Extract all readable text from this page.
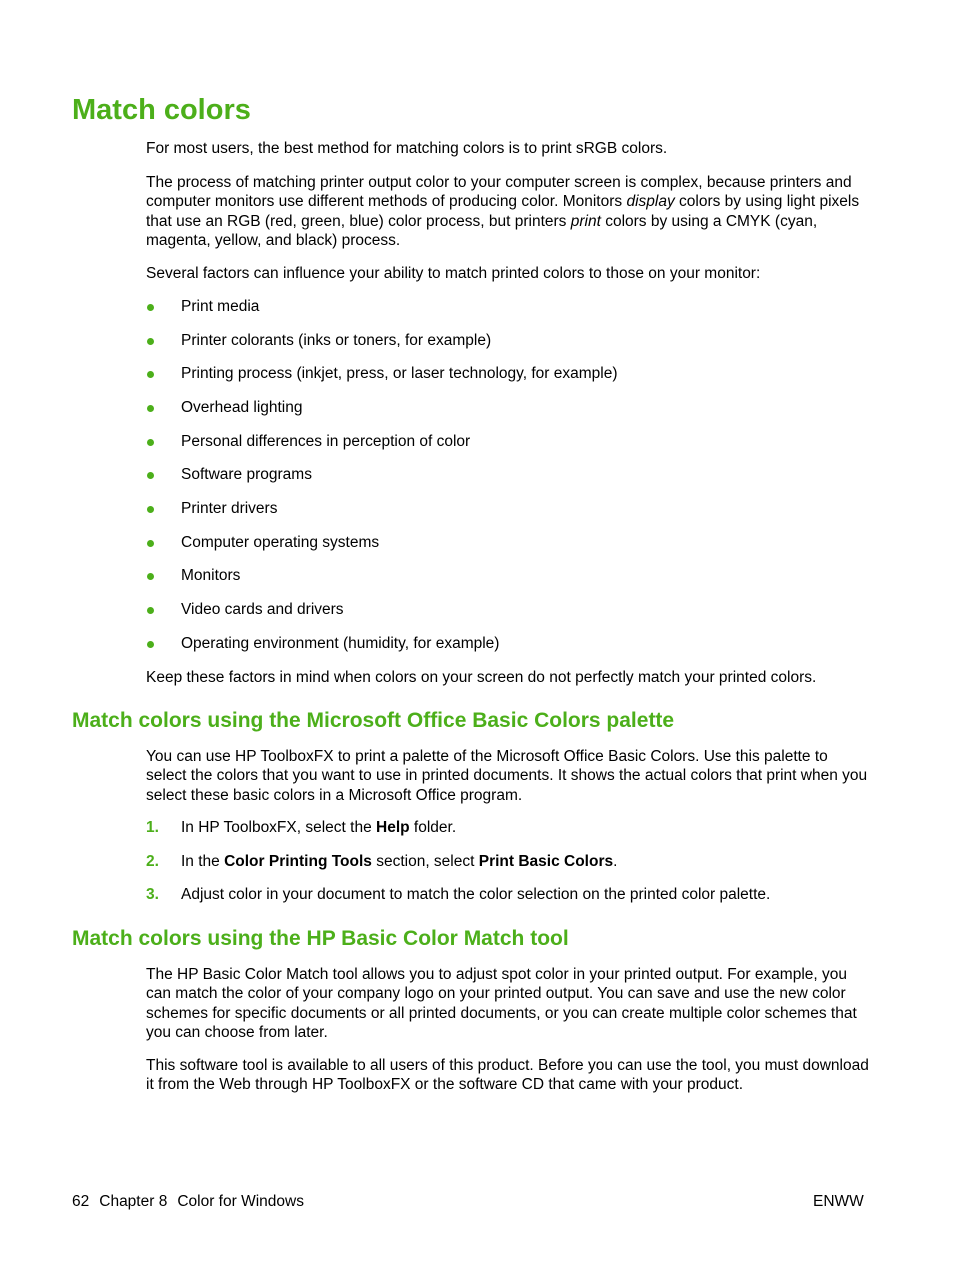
Match colors

For most users, the best method for matching colors is to print sRGB colors.

The process of matching printer output color to your computer screen is complex, because printers and computer monitors use different methods of producing color. Monitors display colors by using light pixels that use an RGB (red, green, blue) color process, but printers print colors by using a CMYK (cyan, magenta, yellow, and black) process.

Several factors can influence your ability to match printed colors to those on your monitor:

Print media
Printer colorants (inks or toners, for example)
Printing process (inkjet, press, or laser technology, for example)
Overhead lighting
Personal differences in perception of color
Software programs
Printer drivers
Computer operating systems
Monitors
Video cards and drivers
Operating environment (humidity, for example)

Keep these factors in mind when colors on your screen do not perfectly match your printed colors.

Match colors using the Microsoft Office Basic Colors palette

You can use HP ToolboxFX to print a palette of the Microsoft Office Basic Colors. Use this palette to select the colors that you want to use in printed documents. It shows the actual colors that print when you select these basic colors in a Microsoft Office program.

1. In HP ToolboxFX, select the Help folder.
2. In the Color Printing Tools section, select Print Basic Colors.
3. Adjust color in your document to match the color selection on the printed color palette.
Match colors using the HP Basic Color Match tool

The HP Basic Color Match tool allows you to adjust spot color in your printed output. For example, you can match the color of your company logo on your printed output. You can save and use the new color schemes for specific documents or all printed documents, or you can create multiple color schemes that you can choose from later.

This software tool is available to all users of this product. Before you can use the tool, you must download it from the Web through HP ToolboxFX or the software CD that came with your product.

62 Chapter 8 Color for Windows	ENWW
